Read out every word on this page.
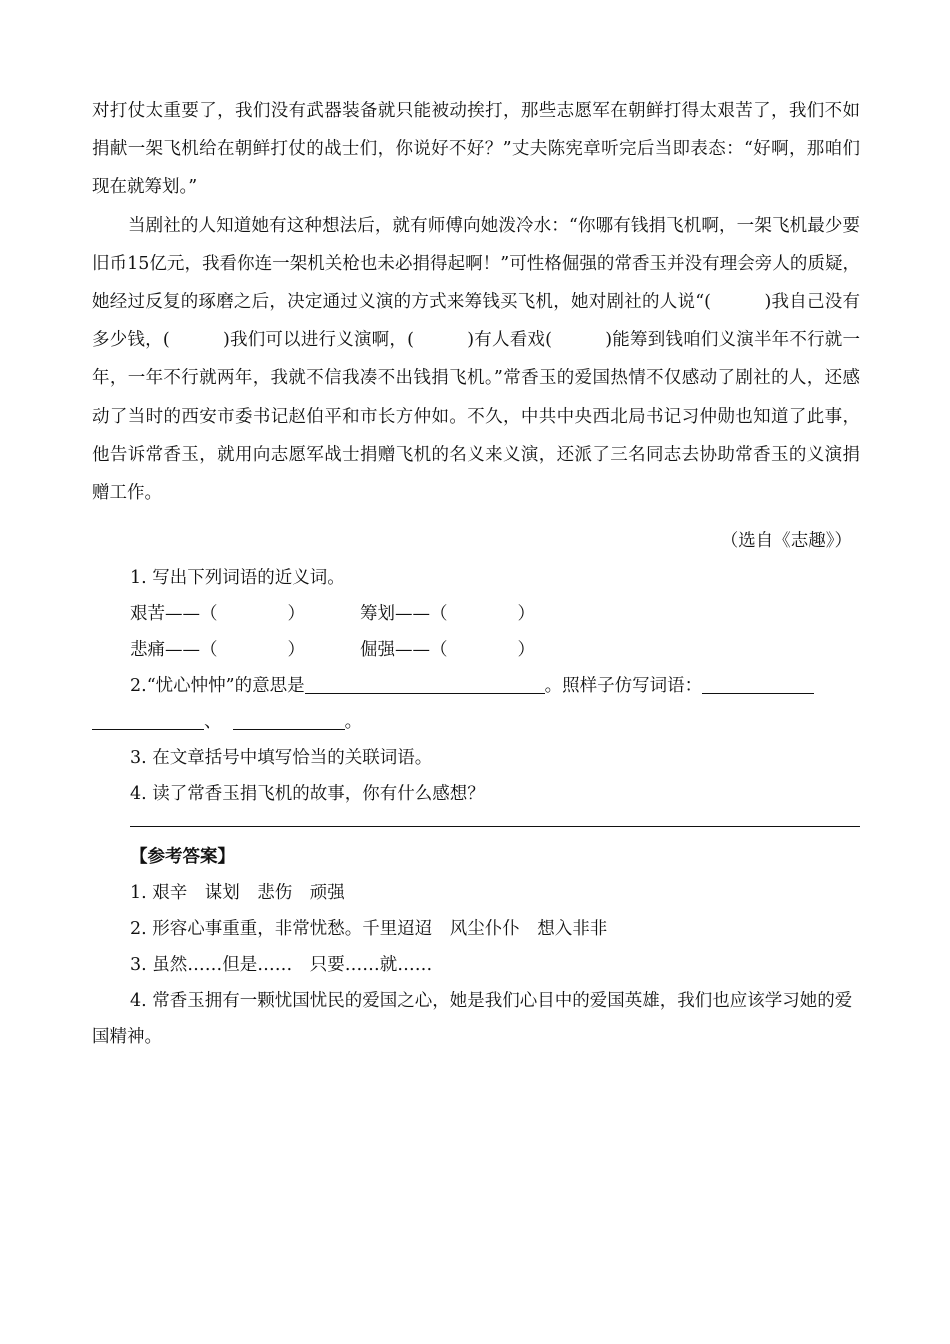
对打仗太重要了，我们没有武器装备就只能被动挨打，那些志愿军在朝鲜打得太艰苦了，我们不如捐献一架飞机给在朝鲜打仗的战士们，你说好不好？”丈夫陈宪章听完后当即表态：“好啊，那咱们现在就筹划。”

当剧社的人知道她有这种想法后，就有师傅向她泼冷水：“你哪有钱捐飞机啊，一架飞机最少要旧币15亿元，我看你连一架机关枪也未必捐得起啊！”可性格倔强的常香玉并没有理会旁人的质疑，她经过反复的琢磨之后，决定通过义演的方式来筹钱买飞机，她对剧社的人说“(　　　)我自己没有多少钱，(　　　)我们可以进行义演啊，(　　　)有人看戏(　　　)能筹到钱咱们义演半年不行就一年，一年不行就两年，我就不信我凑不出钱捐飞机。”常香玉的爱国热情不仅感动了剧社的人，还感动了当时的西安市委书记赵伯平和市长方仲如。不久，中共中央西北局书记习仲勋也知道了此事，他告诉常香玉，就用向志愿军战士捐赠飞机的名义来义演，还派了三名同志去协助常香玉的义演捐赠工作。

（选自《志趣》）

1. 写出下列词语的近义词。

艰苦——（　　　　）	筹划——（　　　　）

悲痛——（　　　　）	倔强——（　　　　）

2.“忧心忡忡”的意思是	。照样子仿写词语：

、	。

3. 在文章括号中填写恰当的关联词语。

4. 读了常香玉捐飞机的故事，你有什么感想？

【参考答案】

1. 艰辛　谋划　悲伤　顽强

2. 形容心事重重，非常忧愁。千里迢迢　风尘仆仆　想入非非

3. 虽然……但是……　只要……就……

4. 常香玉拥有一颗忧国忧民的爱国之心，她是我们心目中的爱国英雄，我们也应该学习她的爱国精神。
